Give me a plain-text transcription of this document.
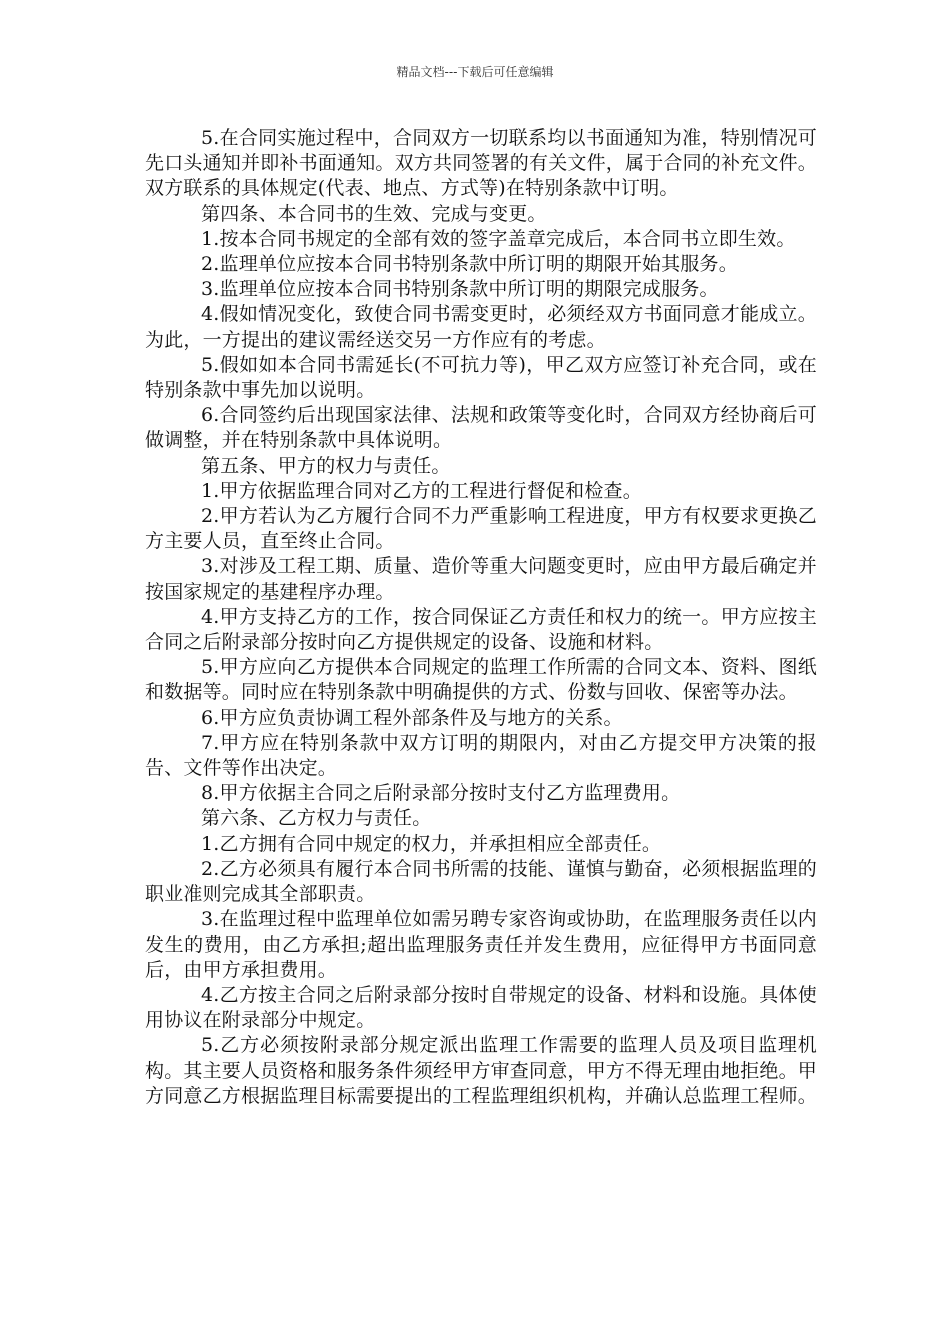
精品文档---下载后可任意编辑

5.在合同实施过程中，合同双方一切联系均以书面通知为准，特别情况可先口头通知并即补书面通知。双方共同签署的有关文件，属于合同的补充文件。双方联系的具体规定(代表、地点、方式等)在特别条款中订明。

第四条、本合同书的生效、完成与变更。

1.按本合同书规定的全部有效的签字盖章完成后，本合同书立即生效。

2.监理单位应按本合同书特别条款中所订明的期限开始其服务。

3.监理单位应按本合同书特别条款中所订明的期限完成服务。

4.假如情况变化，致使合同书需变更时，必须经双方书面同意才能成立。为此，一方提出的建议需经送交另一方作应有的考虑。

5.假如如本合同书需延长(不可抗力等)，甲乙双方应签订补充合同，或在特别条款中事先加以说明。

6.合同签约后出现国家法律、法规和政策等变化时，合同双方经协商后可做调整，并在特别条款中具体说明。

第五条、甲方的权力与责任。

1.甲方依据监理合同对乙方的工程进行督促和检查。

2.甲方若认为乙方履行合同不力严重影响工程进度，甲方有权要求更换乙方主要人员，直至终止合同。

3.对涉及工程工期、质量、造价等重大问题变更时，应由甲方最后确定并按国家规定的基建程序办理。

4.甲方支持乙方的工作，按合同保证乙方责任和权力的统一。甲方应按主合同之后附录部分按时向乙方提供规定的设备、设施和材料。

5.甲方应向乙方提供本合同规定的监理工作所需的合同文本、资料、图纸和数据等。同时应在特别条款中明确提供的方式、份数与回收、保密等办法。

6.甲方应负责协调工程外部条件及与地方的关系。

7.甲方应在特别条款中双方订明的期限内，对由乙方提交甲方决策的报告、文件等作出决定。

8.甲方依据主合同之后附录部分按时支付乙方监理费用。

第六条、乙方权力与责任。

1.乙方拥有合同中规定的权力，并承担相应全部责任。

2.乙方必须具有履行本合同书所需的技能、谨慎与勤奋，必须根据监理的职业准则完成其全部职责。

3.在监理过程中监理单位如需另聘专家咨询或协助，在监理服务责任以内发生的费用，由乙方承担;超出监理服务责任并发生费用，应征得甲方书面同意后，由甲方承担费用。

4.乙方按主合同之后附录部分按时自带规定的设备、材料和设施。具体使用协议在附录部分中规定。

5.乙方必须按附录部分规定派出监理工作需要的监理人员及项目监理机构。其主要人员资格和服务条件须经甲方审查同意，甲方不得无理由地拒绝。甲方同意乙方根据监理目标需要提出的工程监理组织机构，并确认总监理工程师。
